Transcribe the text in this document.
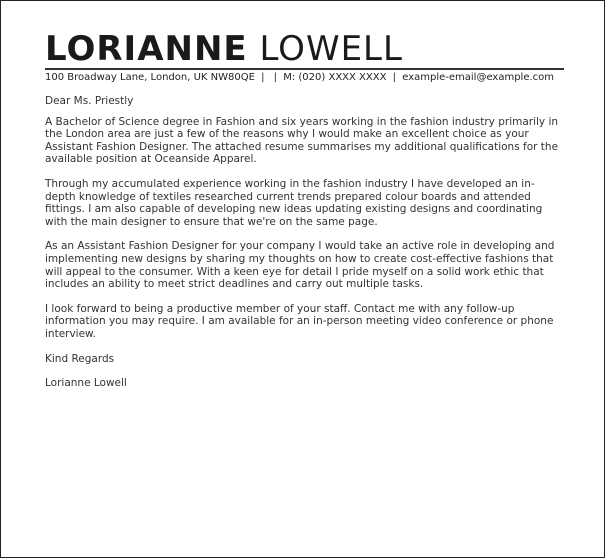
LORIANNE LOWELL
100 Broadway Lane, London, UK NW80QE | | M: (020) XXXX XXXX | example-email@example.com

Dear Ms. Priestly

A Bachelor of Science degree in Fashion and six years working in the fashion industry primarily in the London area are just a few of the reasons why I would make an excellent choice as your Assistant Fashion Designer. The attached resume summarises my additional qualifications for the available position at Oceanside Apparel.

Through my accumulated experience working in the fashion industry I have developed an in-depth knowledge of textiles researched current trends prepared colour boards and attended fittings. I am also capable of developing new ideas updating existing designs and coordinating with the main designer to ensure that we're on the same page.

As an Assistant Fashion Designer for your company I would take an active role in developing and implementing new designs by sharing my thoughts on how to create cost-effective fashions that will appeal to the consumer. With a keen eye for detail I pride myself on a solid work ethic that includes an ability to meet strict deadlines and carry out multiple tasks.

I look forward to being a productive member of your staff. Contact me with any follow-up information you may require. I am available for an in-person meeting video conference or phone interview.

Kind Regards

Lorianne Lowell
